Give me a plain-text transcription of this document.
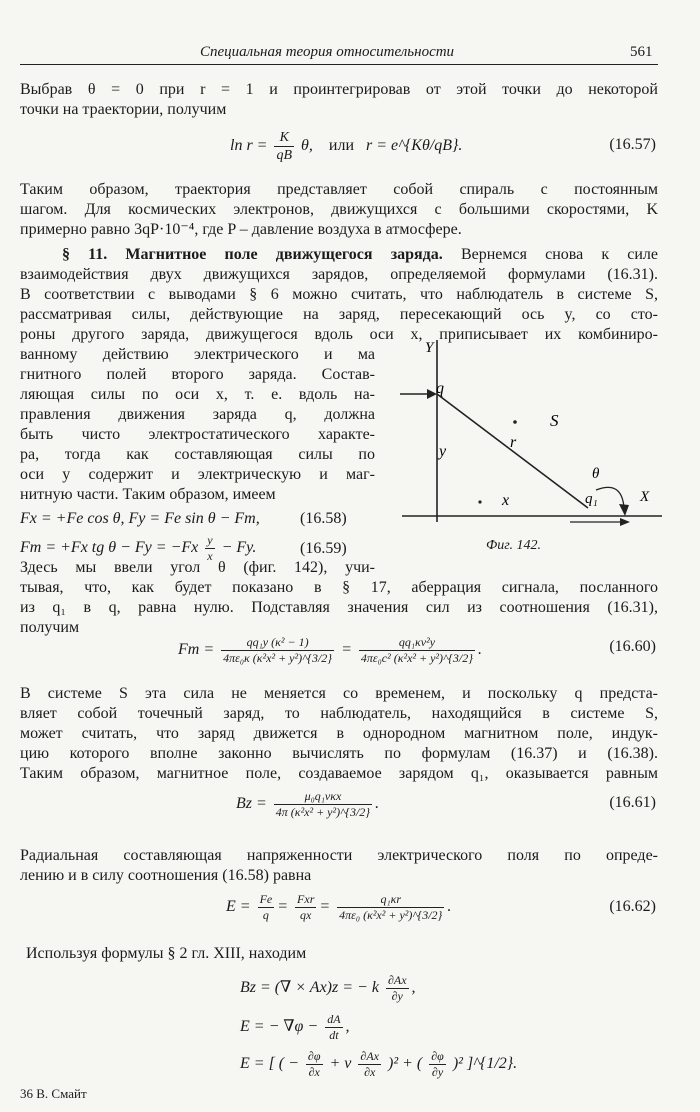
Специальная теория относительности	561
Выбрав θ = 0 при r = 1 и проинтегрировав от этой точки до некоторой
точки на траектории, получим
$\ln r = \frac{K}{qB} \theta$, или r = e^{Kθ/qB}.	(16.57)
Таким образом, траектория представляет собой спираль с постоянным
шагом. Для космических электронов, движущихся с большими скоростями, K
примерно равно 3qP·10⁻⁴, где P – давление воздуха в атмосфере.
§ 11. Магнитное поле движущегося заряда. Вернемся снова к силе
взаимодействия двух движущихся зарядов, определяемой формулами (16.31).
В соответствии с выводами § 6 можно считать, что наблюдатель в системе S,
рассматривая силы, действующие на заряд, пересекающий ось y, со сто-
роны другого заряда, движущегося вдоль оси x, приписывает их комбиниро-
ванному действию электрического и ма
гнитного полей второго заряда. Состав-
ляющая силы по оси x, т. е. вдоль на-
правления движения заряда q, должна
быть чисто электростатического характе-
ра, тогда как составляющая силы по
оси y содержит и электрическую и маг-
нитную части. Таким образом, имеем
Fx = +Fe cos θ, Fy = Fe sin θ − Fm,	(16.58)
Fm = +Fx tg $\theta - Fy = -Fx \frac{y}{x} - Fy$.	(16.59)
Y
q
y
r
S
θ
q₁
x	X
Фиг. 142.
Здесь мы ввели угол θ (фиг. 142), учи-
тывая, что, как будет показано в § 17, аберрация сигнала, посланного
из q₁ в q, равна нулю. Подставляя значения сил из соотношения (16.31),
получим
$Fm = \frac{\text{qq₁y (κ² − 1)}}{\text{4πε₀κ (κ²x² + y²)\textasciicircum{}\{3/2\}}} = \frac{\text{qq₁κv²y}}{\text{4πε₀c² (κ²x² + y²)\textasciicircum{}\{3/2\}}}$ .	(16.60)
В системе S эта сила не меняется со временем, и поскольку q предста-
вляет собой точечный заряд, то наблюдатель, находящийся в системе S,
может считать, что заряд движется в однородном магнитном поле, индук-
цию которого вполне законно вычислять по формулам (16.37) и (16.38).
Таким образом, магнитное поле, создаваемое зарядом q₁, оказывается равным
$Bz = \frac{\text{μ₀q₁vκx}}{\text{4π (κ²x² + y²)\textasciicircum{}\{3/2\}}}$ .	(16.61)
Радиальная составляющая напряженности электрического поля по опреде-
лению и в силу соотношения (16.58) равна
$E = \frac{Fe}{q} = \frac{\text{Fxr}}{qx} = \frac{\text{q₁κr}}{\text{4πε₀ (κ²x² + y²)\textasciicircum{}\{3/2\}}}$ .	(16.62)
Используя формулы § 2 гл. XIII, находим
Bz = (∇ × Ax)z = − k $\frac{\partial Ax}{\partial y}$ ,
E = − $\nabla\varphi - \frac{dA}{dt}$ ,
E = [ ( − $\frac{\partial\varphi}{\partial x} + v \frac{\partial Ax}{\partial x} )^2$ + ( $\frac{\partial\varphi}{\partial y} )^2$ ]^{1/2}.
36 В. Смайт
